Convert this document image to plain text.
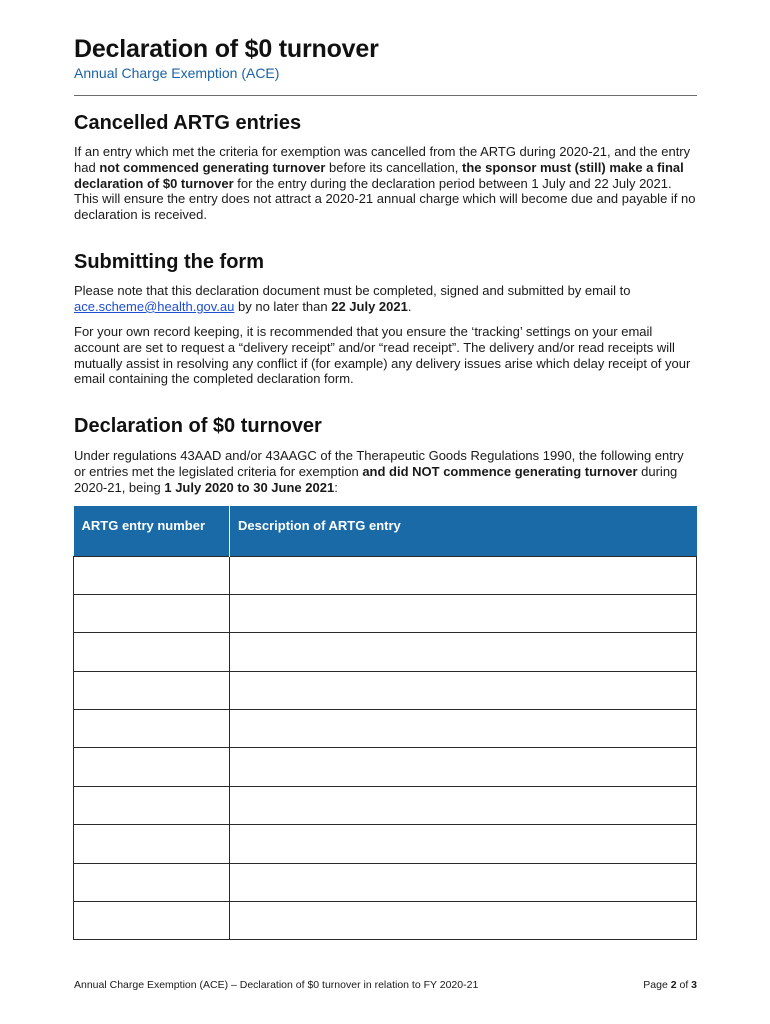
Declaration of $0 turnover

Annual Charge Exemption (ACE)

Cancelled ARTG entries

If an entry which met the criteria for exemption was cancelled from the ARTG during 2020-21, and the entry had not commenced generating turnover before its cancellation, the sponsor must (still) make a final declaration of $0 turnover for the entry during the declaration period between 1 July and 22 July 2021. This will ensure the entry does not attract a 2020-21 annual charge which will become due and payable if no declaration is received.

Submitting the form

Please note that this declaration document must be completed, signed and submitted by email to ace.scheme@health.gov.au by no later than 22 July 2021.

For your own record keeping, it is recommended that you ensure the ‘tracking’ settings on your email account are set to request a “delivery receipt” and/or “read receipt”. The delivery and/or read receipts will mutually assist in resolving any conflict if (for example) any delivery issues arise which delay receipt of your email containing the completed declaration form.

Declaration of $0 turnover

Under regulations 43AAD and/or 43AAGC of the Therapeutic Goods Regulations 1990, the following entry or entries met the legislated criteria for exemption and did NOT commence generating turnover during 2020-21, being 1 July 2020 to 30 June 2021:

ARTG entry number	Description of ARTG entry

Annual Charge Exemption (ACE) – Declaration of $0 turnover in relation to FY 2020-21	Page 2 of 3
